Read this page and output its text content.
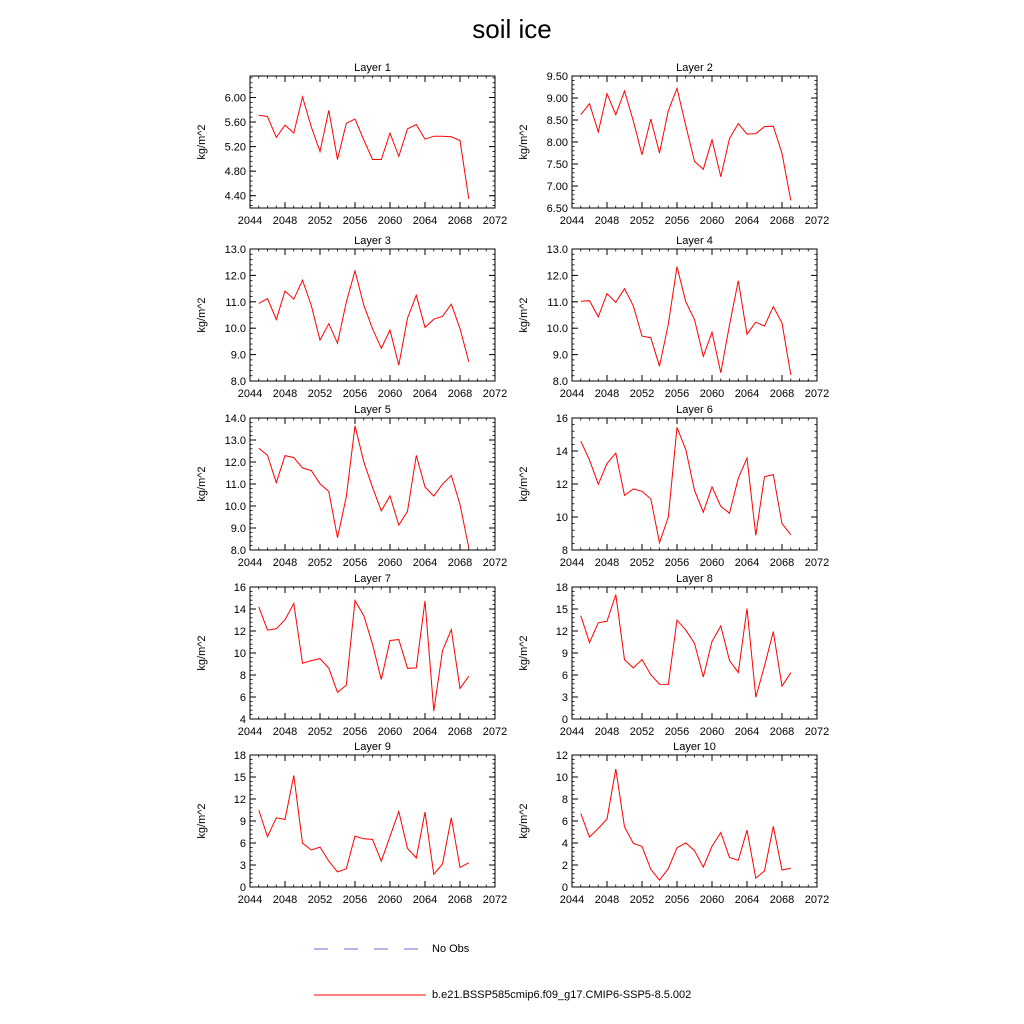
soil ice
Layer 1
2044 2048 2052 2056 2060 2064 2068 2072
4.40
4.80
5.20
5.60
6.00
kg/m^2
Layer 2
2044 2048 2052 2056 2060 2064 2068 2072
6.50
7.00
7.50
8.00
8.50
9.00
9.50
kg/m^2
Layer 3
2044 2048 2052 2056 2060 2064 2068 2072
8.0
9.0
10.0
11.0
12.0
13.0
kg/m^2
Layer 4
2044 2048 2052 2056 2060 2064 2068 2072
8.0
9.0
10.0
11.0
12.0
13.0
kg/m^2
Layer 5
2044 2048 2052 2056 2060 2064 2068 2072
8.0
9.0
10.0
11.0
12.0
13.0
14.0
kg/m^2
Layer 6
2044 2048 2052 2056 2060 2064 2068 2072
8
10
12
14
16
kg/m^2
Layer 7
2044 2048 2052 2056 2060 2064 2068 2072
4
6
8
10
12
14
16
kg/m^2
Layer 8
2044 2048 2052 2056 2060 2064 2068 2072
0
3
6
9
12
15
18
kg/m^2
Layer 9
2044 2048 2052 2056 2060 2064 2068 2072
0
3
6
9
12
15
18
kg/m^2
Layer 10
2044 2048 2052 2056 2060 2064 2068 2072
0
2
4
6
8
10
12
kg/m^2
No Obs
b.e21.BSSP585cmip6.f09_g17.CMIP6-SSP5-8.5.002
